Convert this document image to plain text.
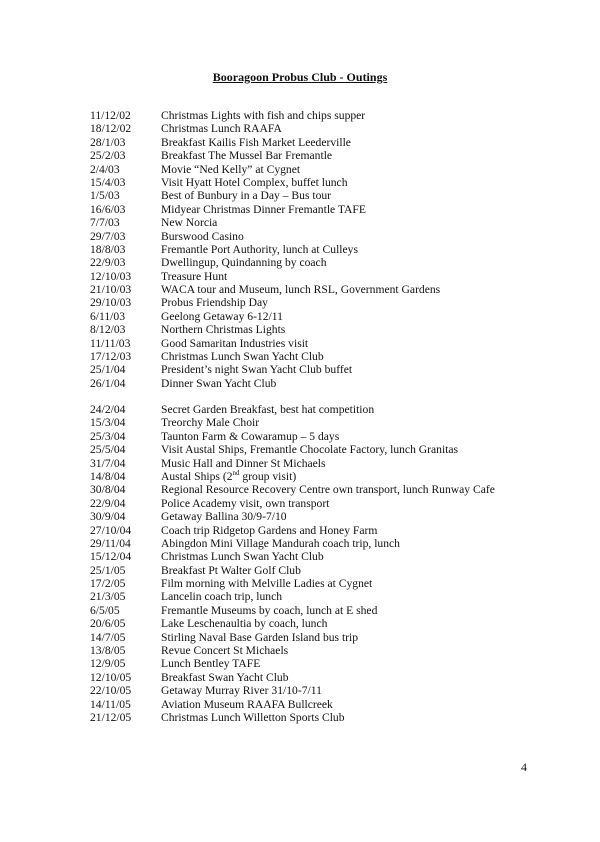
Booragoon Probus Club - Outings
11/12/02	Christmas Lights with fish and chips supper
18/12/02	Christmas Lunch RAAFA
28/1/03	Breakfast Kailis Fish Market Leederville
25/2/03	Breakfast The Mussel Bar Fremantle
2/4/03	Movie “Ned Kelly” at Cygnet
15/4/03	Visit Hyatt Hotel Complex, buffet lunch
1/5/03	Best of Bunbury in a Day – Bus tour
16/6/03	Midyear Christmas Dinner Fremantle TAFE
7/7/03	New Norcia
29/7/03	Burswood Casino
18/8/03	Fremantle Port Authority, lunch at Culleys
22/9/03	Dwellingup, Quindanning by coach
12/10/03	Treasure Hunt
21/10/03	WACA tour and Museum, lunch RSL, Government Gardens
29/10/03	Probus Friendship Day
6/11/03	Geelong Getaway 6-12/11
8/12/03	Northern Christmas Lights
11/11/03	Good Samaritan Industries visit
17/12/03	Christmas Lunch Swan Yacht Club
25/1/04	President’s night Swan Yacht Club buffet
26/1/04	Dinner Swan Yacht Club
24/2/04	Secret Garden Breakfast, best hat competition
15/3/04	Treorchy Male Choir
25/3/04	Taunton Farm & Cowaramup – 5 days
25/5/04	Visit Austal Ships, Fremantle Chocolate Factory, lunch Granitas
31/7/04	Music Hall and Dinner St Michaels
14/8/04	Austal Ships (2nd group visit)
30/8/04	Regional Resource Recovery Centre own transport, lunch Runway Cafe
22/9/04	Police Academy visit, own transport
30/9/04	Getaway Ballina 30/9-7/10
27/10/04	Coach trip Ridgetop Gardens and Honey Farm
29/11/04	Abingdon Mini Village Mandurah coach trip, lunch
15/12/04	Christmas Lunch Swan Yacht Club
25/1/05	Breakfast Pt Walter Golf Club
17/2/05	Film morning with Melville Ladies at Cygnet
21/3/05	Lancelin coach trip, lunch
6/5/05	Fremantle Museums by coach, lunch at E shed
20/6/05	Lake Leschenaultia by coach, lunch
14/7/05	Stirling Naval Base Garden Island bus trip
13/8/05	Revue Concert St Michaels
12/9/05	Lunch Bentley TAFE
12/10/05	Breakfast Swan Yacht Club
22/10/05	Getaway Murray River 31/10-7/11
14/11/05	Aviation Museum RAAFA Bullcreek
21/12/05	Christmas Lunch Willetton Sports Club
4
